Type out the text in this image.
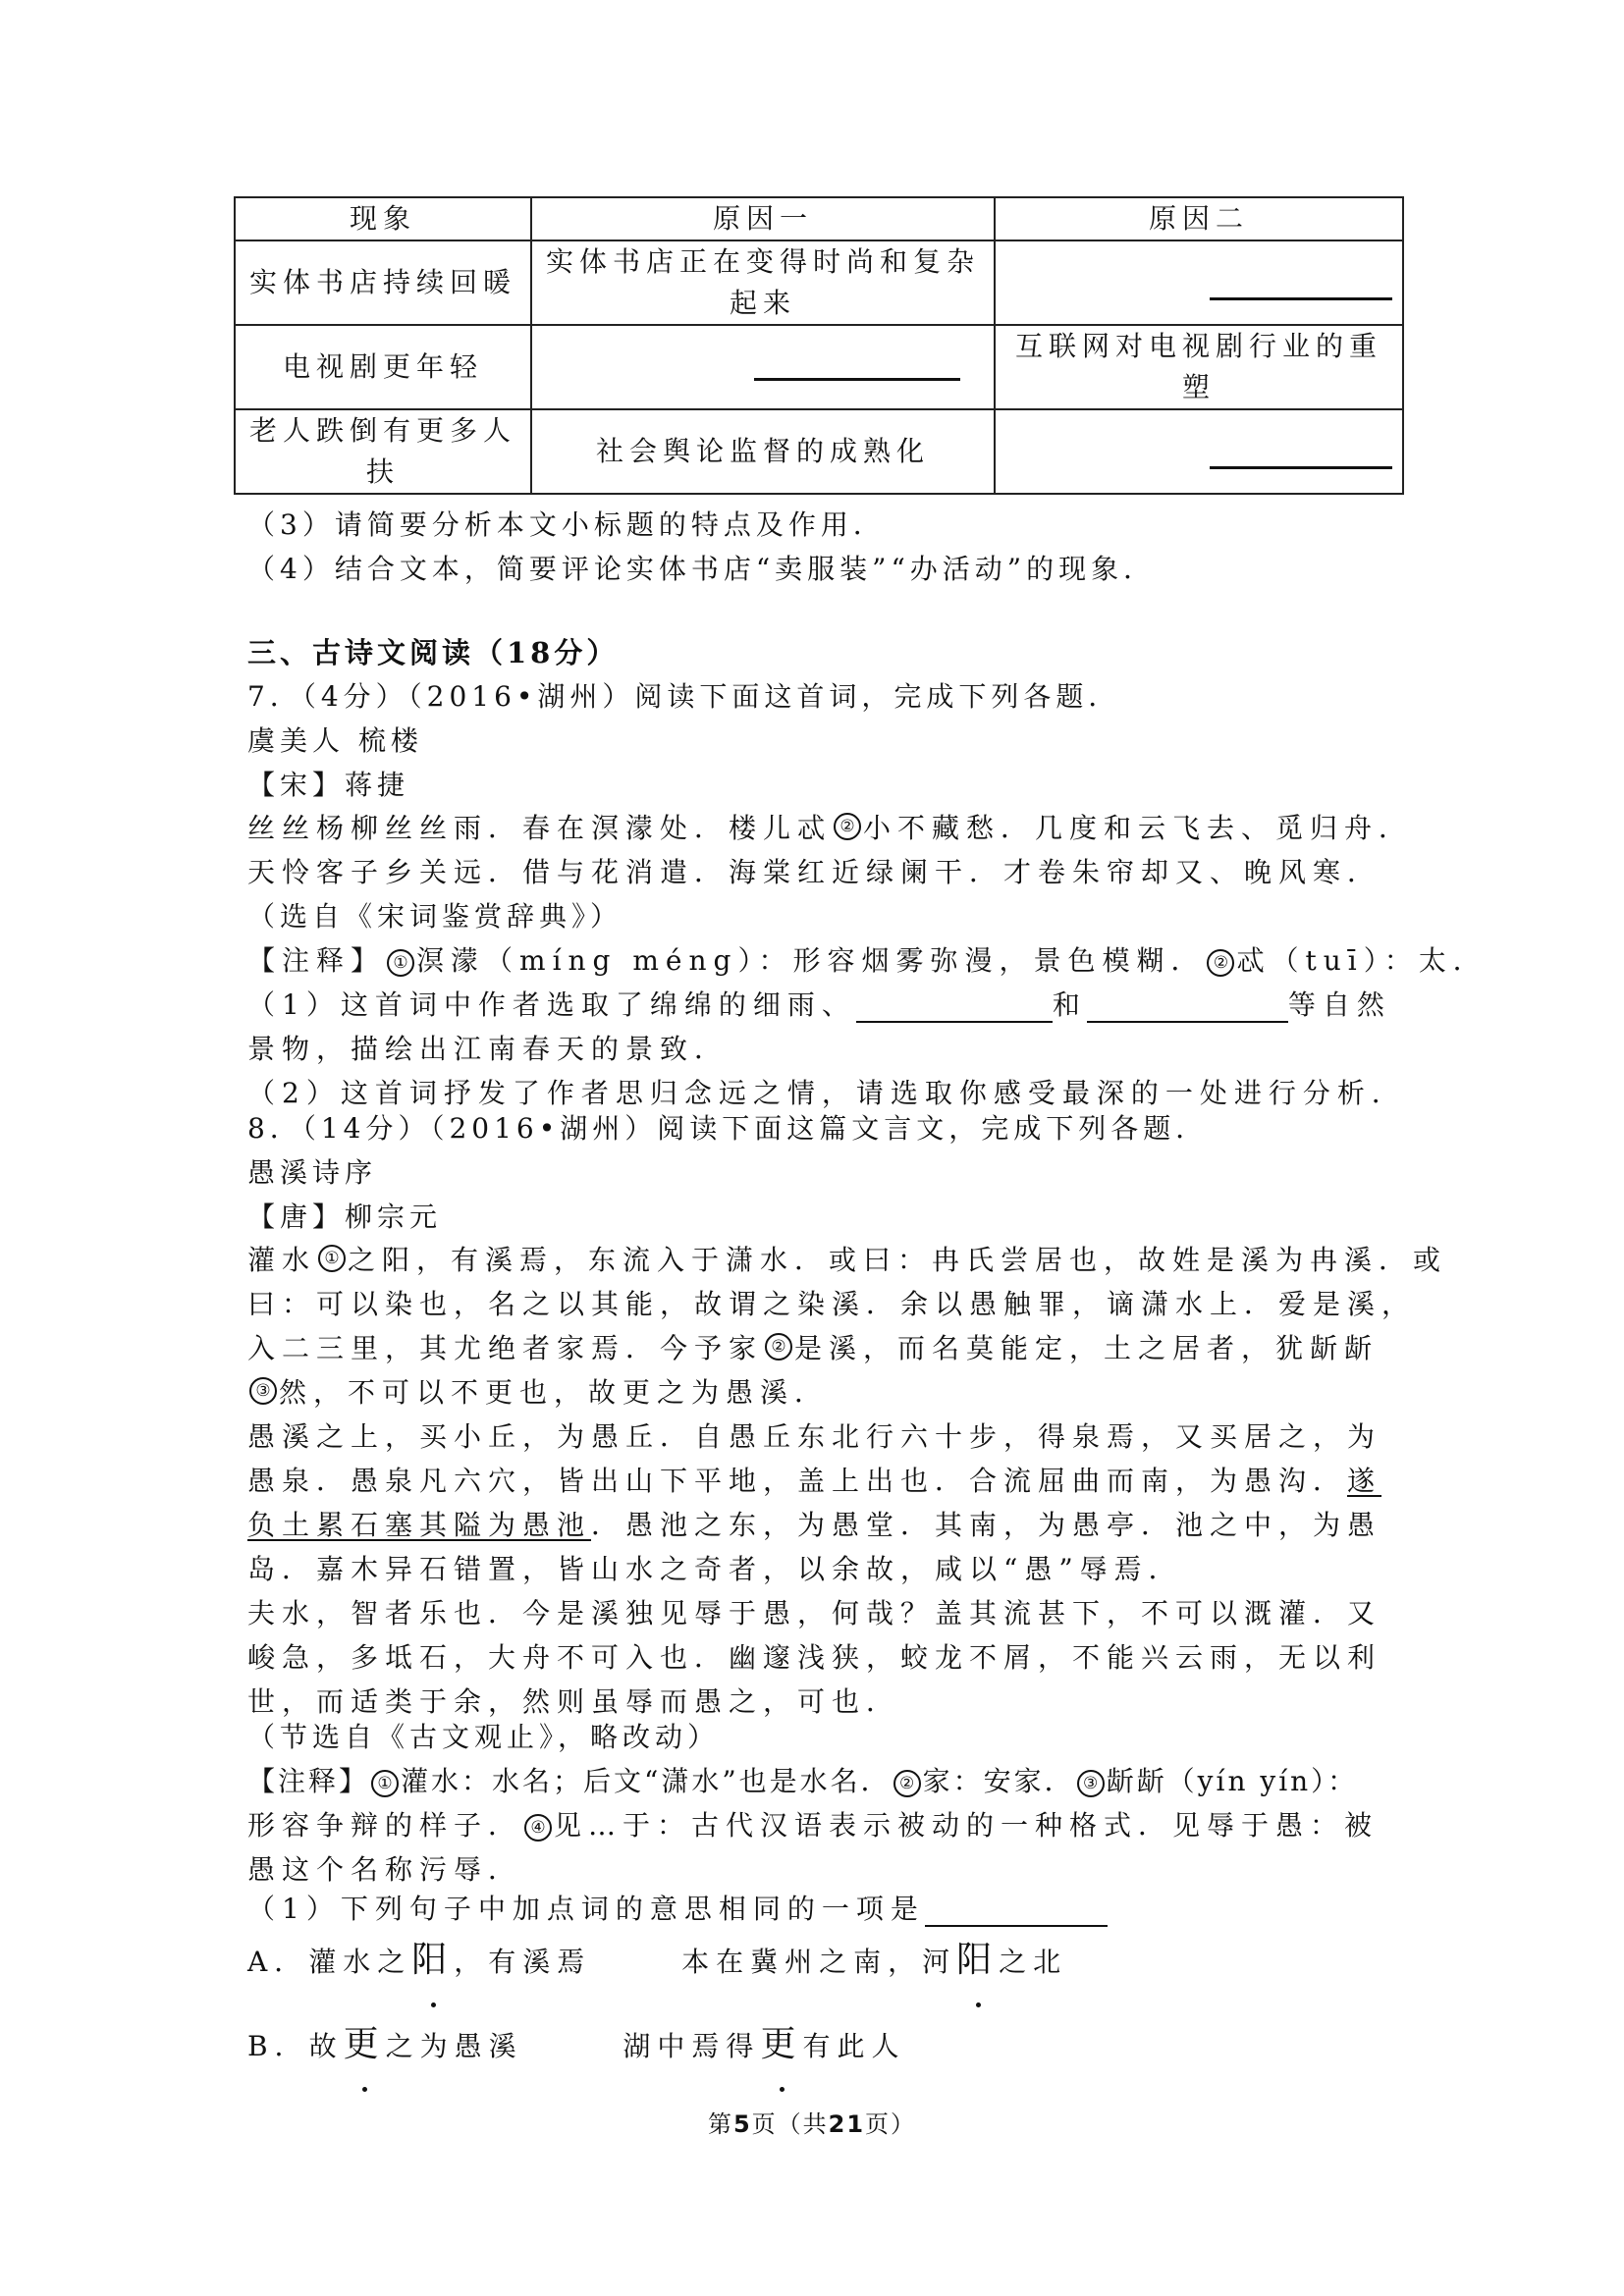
现象	原因一	原因二
实体书店持续回暖	实体书店正在变得时尚和复杂起来	

电视剧更年轻		互联网对电视剧行业的重塑
老人跌倒有更多人扶	社会舆论监督的成熟化	
（3）请简要分析本文小标题的特点及作用．
（4）结合文本，简要评论实体书店“卖服装”“办活动”的现象．
三、古诗文阅读（18分）
7．（4分）（2016•湖州）阅读下面这首词，完成下列各题．
虞美人 梳楼
【宋】蒋捷
丝丝杨柳丝丝雨．春在溟濛处．楼儿忒 ② 小不藏愁．几度和云飞去、觅归舟．
天怜客子乡关远．借与花消遣．海棠红近绿阑干．才卷朱帘却又、晚风寒．
（选自《宋词鉴赏辞典》）
【注释】 ① 溟濛（míng méng）：形容烟雾弥漫，景色模糊． ② 忒（tuī）：太．
（1）这首词中作者选取了绵绵的细雨、	和	等自然
景物，描绘出江南春天的景致．
（2）这首词抒发了作者思归念远之情，请选取你感受最深的一处进行分析．
8．（14分）（2016•湖州）阅读下面这篇文言文，完成下列各题．
愚溪诗序
【唐】柳宗元
灌水 ① 之阳，有溪焉，东流入于潇水．或曰：冉氏尝居也，故姓是溪为冉溪．或
曰：可以染也，名之以其能，故谓之染溪．余以愚触罪，谪潇水上．爱是溪，
入二三里，其尤绝者家焉．今予家 ② 是溪，而名莫能定，土之居者，犹龂龂
③ 然，不可以不更也，故更之为愚溪．
愚溪之上，买小丘，为愚丘．自愚丘东北行六十步，得泉焉，又买居之，为
愚泉．愚泉凡六穴，皆出山下平地，盖上出也．合流屈曲而南，为愚沟．遂
负土累石塞其隘为愚池．愚池之东，为愚堂．其南，为愚亭．池之中，为愚
岛．嘉木异石错置，皆山水之奇者，以余故，咸以“愚”辱焉．
夫水，智者乐也．今是溪独见辱于愚，何哉？盖其流甚下，不可以溉灌．又
峻急，多坻石，大舟不可入也．幽邃浅狭，蛟龙不屑，不能兴云雨，无以利
世，而适类于余，然则虽辱而愚之，可也．
（节选自《古文观止》，略改动）
【注释】 ① 灌水：水名；后文“潇水”也是水名． ② 家：安家． ③ 龂龂（yín yín）：
形容争辩的样子． ④ 见…于：古代汉语表示被动的一种格式．见辱于愚：被
愚这个名称污辱．
（1）下列句子中加点词的意思相同的一项是
A．灌水之阳，有溪焉	本在冀州之南，河阳之北
B．故更之为愚溪	湖中焉得更有此人
第5页（共21页）
